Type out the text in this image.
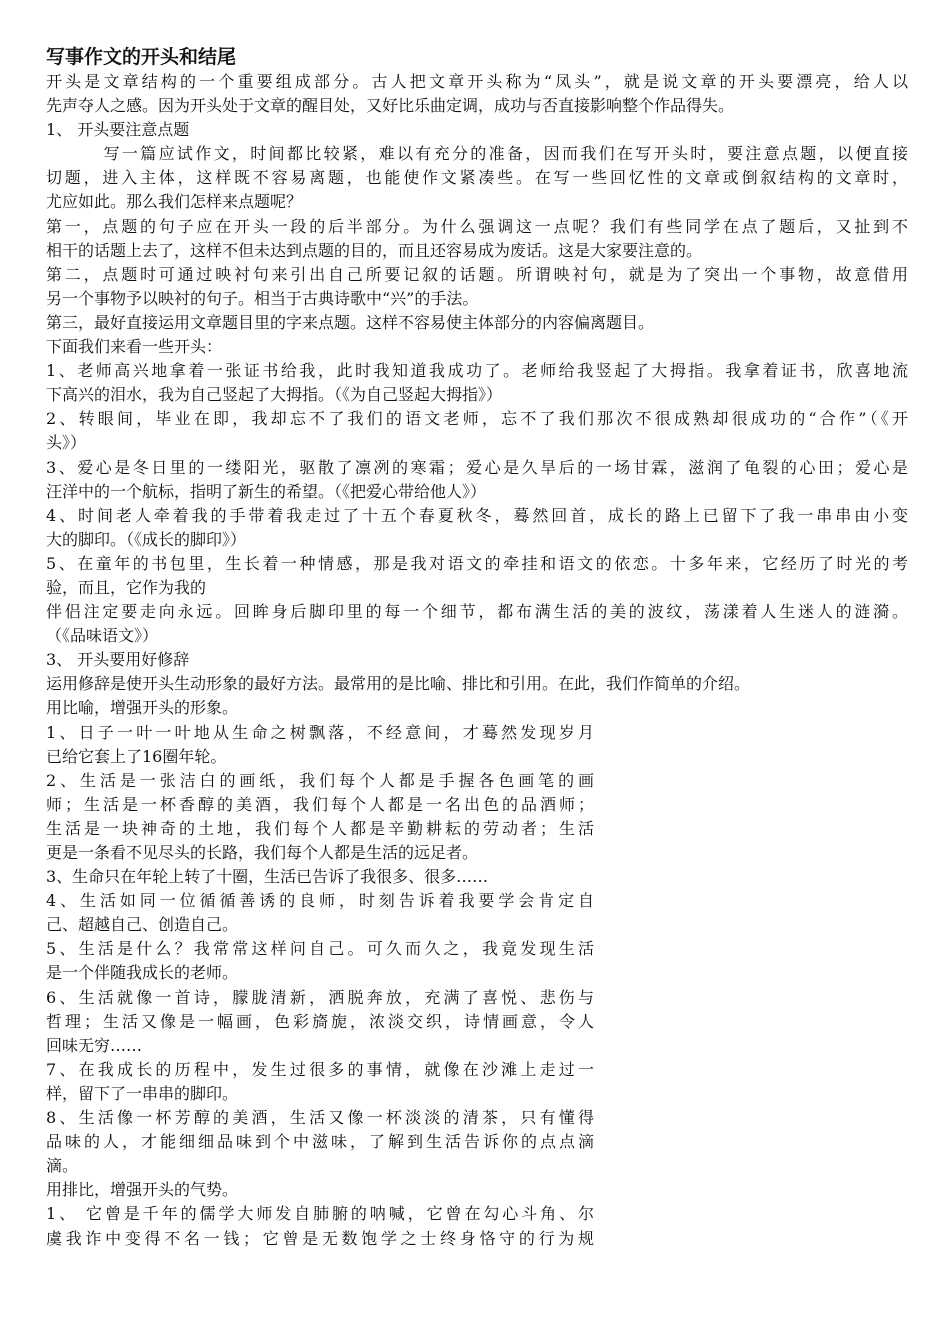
写事作文的开头和结尾
开头是文章结构的一个重要组成部分。古人把文章开头称为“凤头”，就是说文章的开头要漂亮，给人以
先声夺人之感。因为开头处于文章的醒目处，又好比乐曲定调，成功与否直接影响整个作品得失。
1、 开头要注意点题
写一篇应试作文，时间都比较紧，难以有充分的准备，因而我们在写开头时，要注意点题，以便直接
切题，进入主体，这样既不容易离题，也能使作文紧凑些。在写一些回忆性的文章或倒叙结构的文章时，
尤应如此。那么我们怎样来点题呢？
第一，点题的句子应在开头一段的后半部分。为什么强调这一点呢？我们有些同学在点了题后，又扯到不
相干的话题上去了，这样不但未达到点题的目的，而且还容易成为废话。这是大家要注意的。
第二，点题时可通过映衬句来引出自己所要记叙的话题。所谓映衬句，就是为了突出一个事物，故意借用
另一个事物予以映衬的句子。相当于古典诗歌中“兴”的手法。
第三，最好直接运用文章题目里的字来点题。这样不容易使主体部分的内容偏离题目。
下面我们来看一些开头：
1、老师高兴地拿着一张证书给我，此时我知道我成功了。老师给我竖起了大拇指。我拿着证书，欣喜地流
下高兴的泪水，我为自己竖起了大拇指。（《为自己竖起大拇指》）
2、转眼间，毕业在即，我却忘不了我们的语文老师，忘不了我们那次不很成熟却很成功的“合作”（《开
头》）
3、爱心是冬日里的一缕阳光，驱散了凛冽的寒霜；爱心是久旱后的一场甘霖，滋润了龟裂的心田；爱心是
汪洋中的一个航标，指明了新生的希望。（《把爱心带给他人》）
4、时间老人牵着我的手带着我走过了十五个春夏秋冬，蓦然回首，成长的路上已留下了我一串串由小变
大的脚印。（《成长的脚印》）
5、在童年的书包里，生长着一种情感，那是我对语文的牵挂和语文的依恋。十多年来，它经历了时光的考
验，而且，它作为我的
伴侣注定要走向永远。回眸身后脚印里的每一个细节，都布满生活的美的波纹，荡漾着人生迷人的涟漪。
（《品味语文》）
3、 开头要用好修辞
运用修辞是使开头生动形象的最好方法。最常用的是比喻、排比和引用。在此，我们作简单的介绍。
用比喻，增强开头的形象。
1、日子一叶一叶地从生命之树飘落，不经意间，才蓦然发现岁月
已给它套上了16圈年轮。
2、生活是一张洁白的画纸，我们每个人都是手握各色画笔的画
师；生活是一杯香醇的美酒，我们每个人都是一名出色的品酒师；
生活是一块神奇的土地，我们每个人都是辛勤耕耘的劳动者；生活
更是一条看不见尽头的长路，我们每个人都是生活的远足者。
3、生命只在年轮上转了十圈，生活已告诉了我很多、很多……
4、生活如同一位循循善诱的良师，时刻告诉着我要学会肯定自
己、超越自己、创造自己。
5、生活是什么？我常常这样问自己。可久而久之，我竟发现生活
是一个伴随我成长的老师。
6、生活就像一首诗，朦胧清新，洒脱奔放，充满了喜悦、悲伤与
哲理；生活又像是一幅画，色彩旖旎，浓淡交织，诗情画意，令人
回味无穷……
7、在我成长的历程中，发生过很多的事情，就像在沙滩上走过一
样，留下了一串串的脚印。
8、生活像一杯芳醇的美酒，生活又像一杯淡淡的清茶，只有懂得
品味的人，才能细细品味到个中滋味，了解到生活告诉你的点点滴
滴。
用排比，增强开头的气势。
1、 它曾是千年的儒学大师发自肺腑的呐喊，它曾在勾心斗角、尔
虞我诈中变得不名一钱；它曾是无数饱学之士终身恪守的行为规
